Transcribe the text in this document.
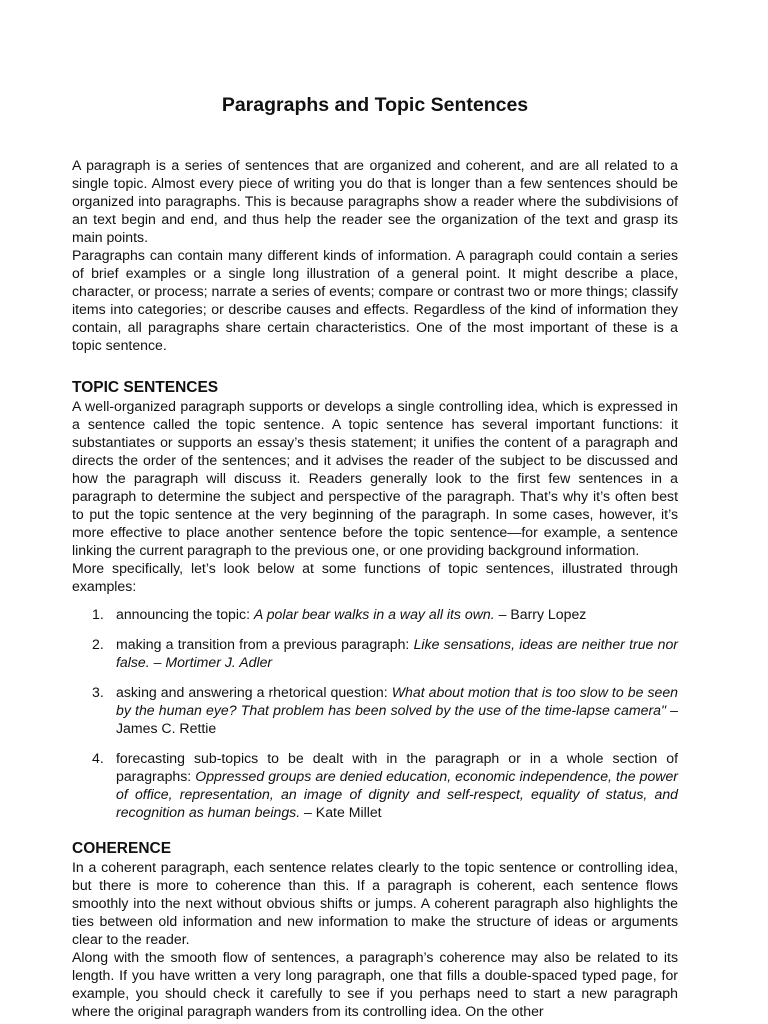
Paragraphs and Topic Sentences

A paragraph is a series of sentences that are organized and coherent, and are all related to a single topic. Almost every piece of writing you do that is longer than a few sentences should be organized into paragraphs. This is because paragraphs show a reader where the subdivisions of an text begin and end, and thus help the reader see the organization of the text and grasp its main points.

Paragraphs can contain many different kinds of information. A paragraph could contain a series of brief examples or a single long illustration of a general point. It might describe a place, character, or process; narrate a series of events; compare or contrast two or more things; classify items into categories; or describe causes and effects. Regardless of the kind of information they contain, all paragraphs share certain characteristics. One of the most important of these is a topic sentence.

TOPIC SENTENCES

A well-organized paragraph supports or develops a single controlling idea, which is expressed in a sentence called the topic sentence. A topic sentence has several important functions: it substantiates or supports an essay’s thesis statement; it unifies the content of a paragraph and directs the order of the sentences; and it advises the reader of the subject to be discussed and how the paragraph will discuss it. Readers generally look to the first few sentences in a paragraph to determine the subject and perspective of the paragraph. That’s why it’s often best to put the topic sentence at the very beginning of the paragraph. In some cases, however, it’s more effective to place another sentence before the topic sentence—for example, a sentence linking the current paragraph to the previous one, or one providing background information.

More specifically, let’s look below at some functions of topic sentences, illustrated through examples:

1. announcing the topic: A polar bear walks in a way all its own. – Barry Lopez
2. making a transition from a previous paragraph: Like sensations, ideas are neither true nor false. – Mortimer J. Adler
3. asking and answering a rhetorical question: What about motion that is too slow to be seen by the human eye? That problem has been solved by the use of the time-lapse camera" – James C. Rettie
4. forecasting sub-topics to be dealt with in the paragraph or in a whole section of paragraphs: Oppressed groups are denied education, economic independence, the power of office, representation, an image of dignity and self-respect, equality of status, and recognition as human beings. – Kate Millet
COHERENCE

In a coherent paragraph, each sentence relates clearly to the topic sentence or controlling idea, but there is more to coherence than this. If a paragraph is coherent, each sentence flows smoothly into the next without obvious shifts or jumps. A coherent paragraph also highlights the ties between old information and new information to make the structure of ideas or arguments clear to the reader.

Along with the smooth flow of sentences, a paragraph’s coherence may also be related to its length. If you have written a very long paragraph, one that fills a double-spaced typed page, for example, you should check it carefully to see if you perhaps need to start a new paragraph where the original paragraph wanders from its controlling idea. On the other
